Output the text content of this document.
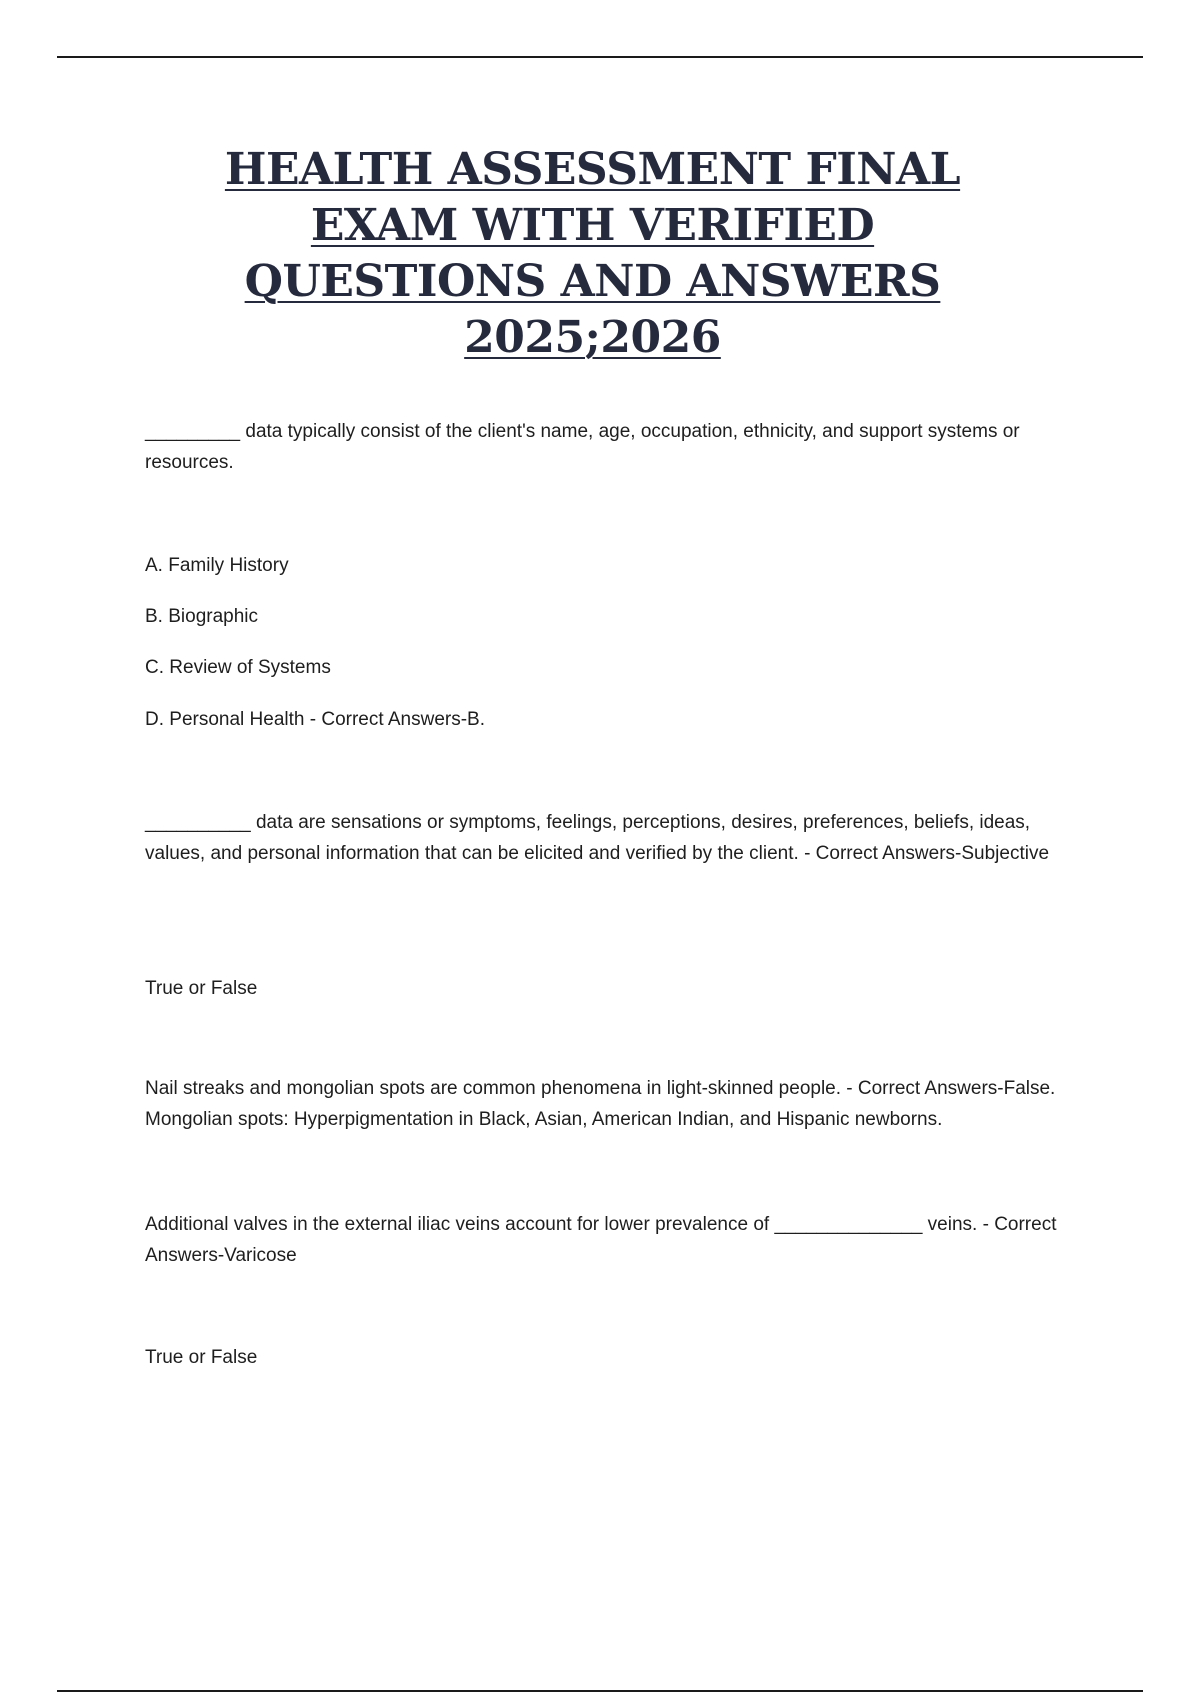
HEALTH ASSESSMENT FINAL
EXAM WITH VERIFIED
QUESTIONS AND ANSWERS
2025;2026
_________ data typically consist of the client's name, age, occupation, ethnicity, and support systems or resources.
A. Family History
B. Biographic
C. Review of Systems
D. Personal Health - Correct Answers-B.
__________ data are sensations or symptoms, feelings, perceptions, desires, preferences, beliefs, ideas, values, and personal information that can be elicited and verified by the client. - Correct Answers-Subjective
True or False
Nail streaks and mongolian spots are common phenomena in light-skinned people. - Correct Answers-False. Mongolian spots: Hyperpigmentation in Black, Asian, American Indian, and Hispanic newborns.
Additional valves in the external iliac veins account for lower prevalence of ______________ veins. - Correct Answers-Varicose
True or False
